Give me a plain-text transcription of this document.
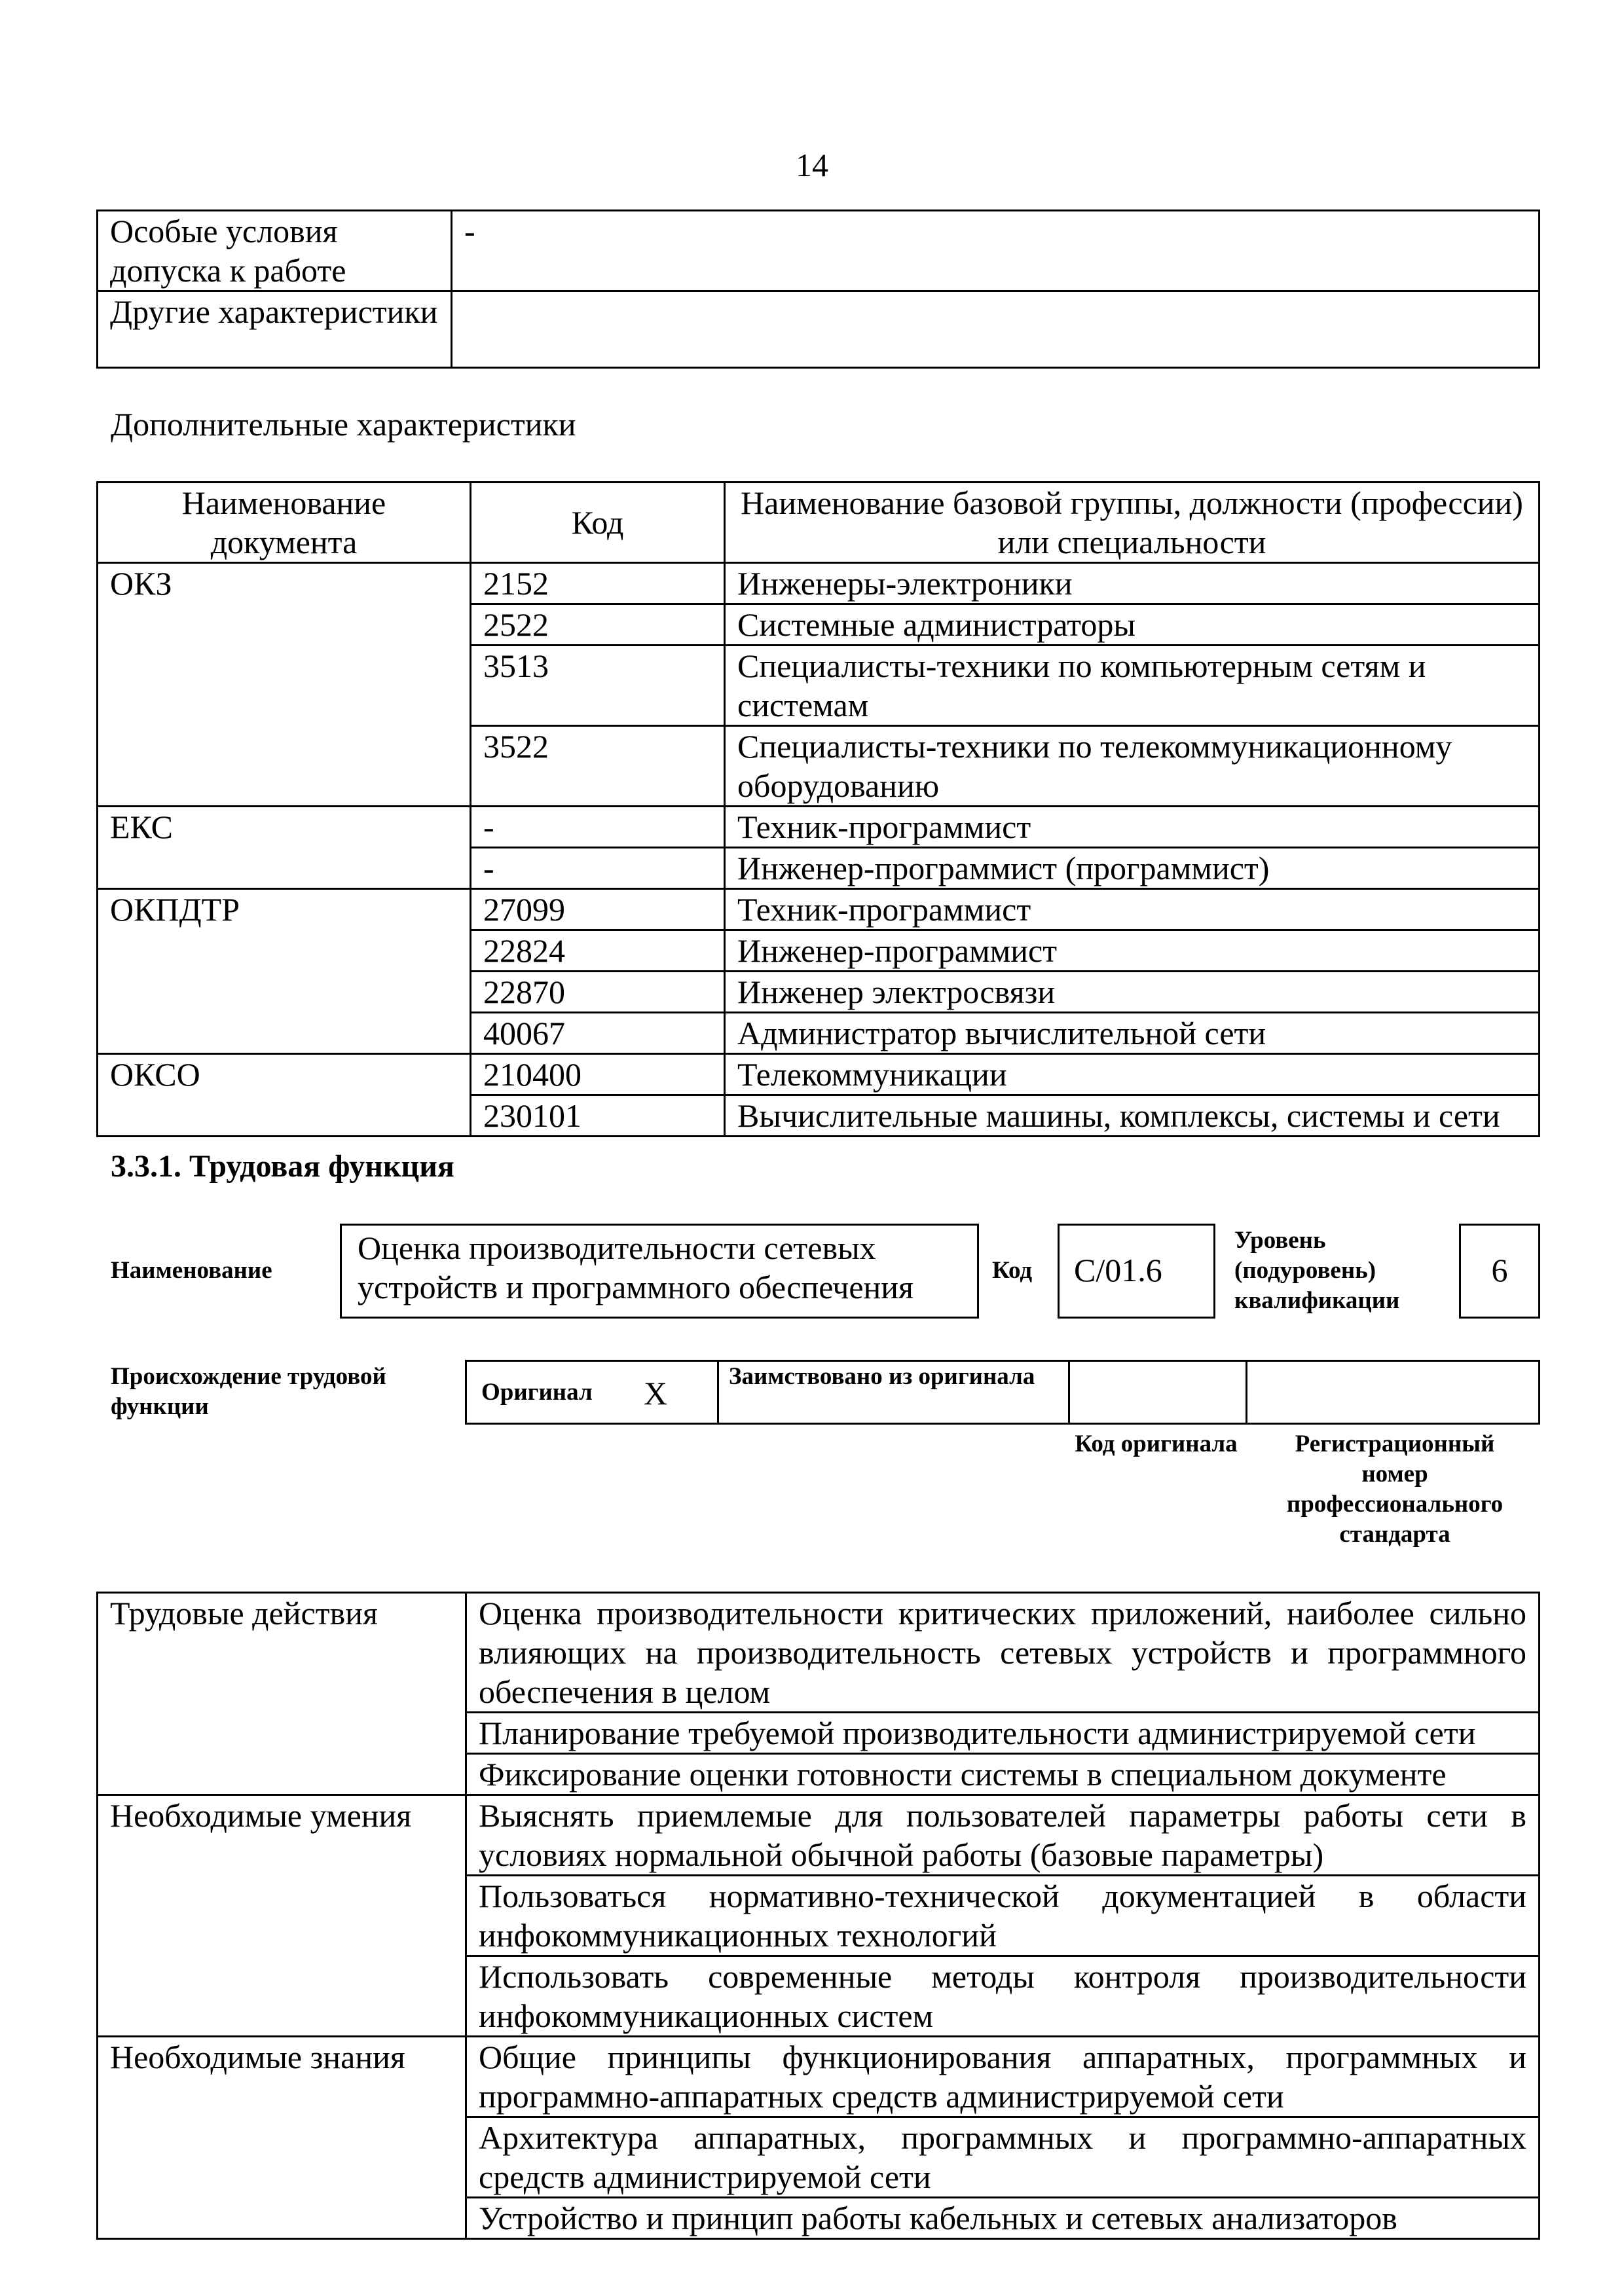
14
Особые условия допуска к работе	-
Другие характеристики	
Дополнительные характеристики
Наименование документа	Код	Наименование базовой группы, должности (профессии) или специальности
ОКЗ	2152	Инженеры-электроники
	2522	Системные администраторы
	3513	Специалисты-техники по компьютерным сетям и системам
	3522	Специалисты-техники по телекоммуникационному оборудованию
ЕКС	-	Техник-программист
	-	Инженер-программист (программист)
ОКПДТР	27099	Техник-программист
	22824	Инженер-программист
	22870	Инженер электросвязи
	40067	Администратор вычислительной сети
ОКСО	210400	Телекоммуникации
	230101	Вычислительные машины, комплексы, системы и сети
3.3.1. Трудовая функция
Наименование
Оценка производительности сетевых устройств и программного обеспечения	Код	C/01.6
Уровень (подуровень) квалификации
6
Происхождение трудовой функции
Оригинал X	Заимствовано из оригинала
Код оригинала	Регистрационный номер профессионального стандарта
Трудовые действия	Оценка производительности критических приложений, наиболее сильно влияющих на производительность сетевых устройств и программного обеспечения в целом
	Планирование требуемой производительности администрируемой сети
	Фиксирование оценки готовности системы в специальном документе
Необходимые умения	Выяснять приемлемые для пользователей параметры работы сети в условиях нормальной обычной работы (базовые параметры)
	Пользоваться нормативно-технической документацией в области инфокоммуникационных технологий
	Использовать современные методы контроля производительности инфокоммуникационных систем
Необходимые знания	Общие принципы функционирования аппаратных, программных и программно-аппаратных средств администрируемой сети
	Архитектура аппаратных, программных и программно-аппаратных средств администрируемой сети
	Устройство и принцип работы кабельных и сетевых анализаторов
